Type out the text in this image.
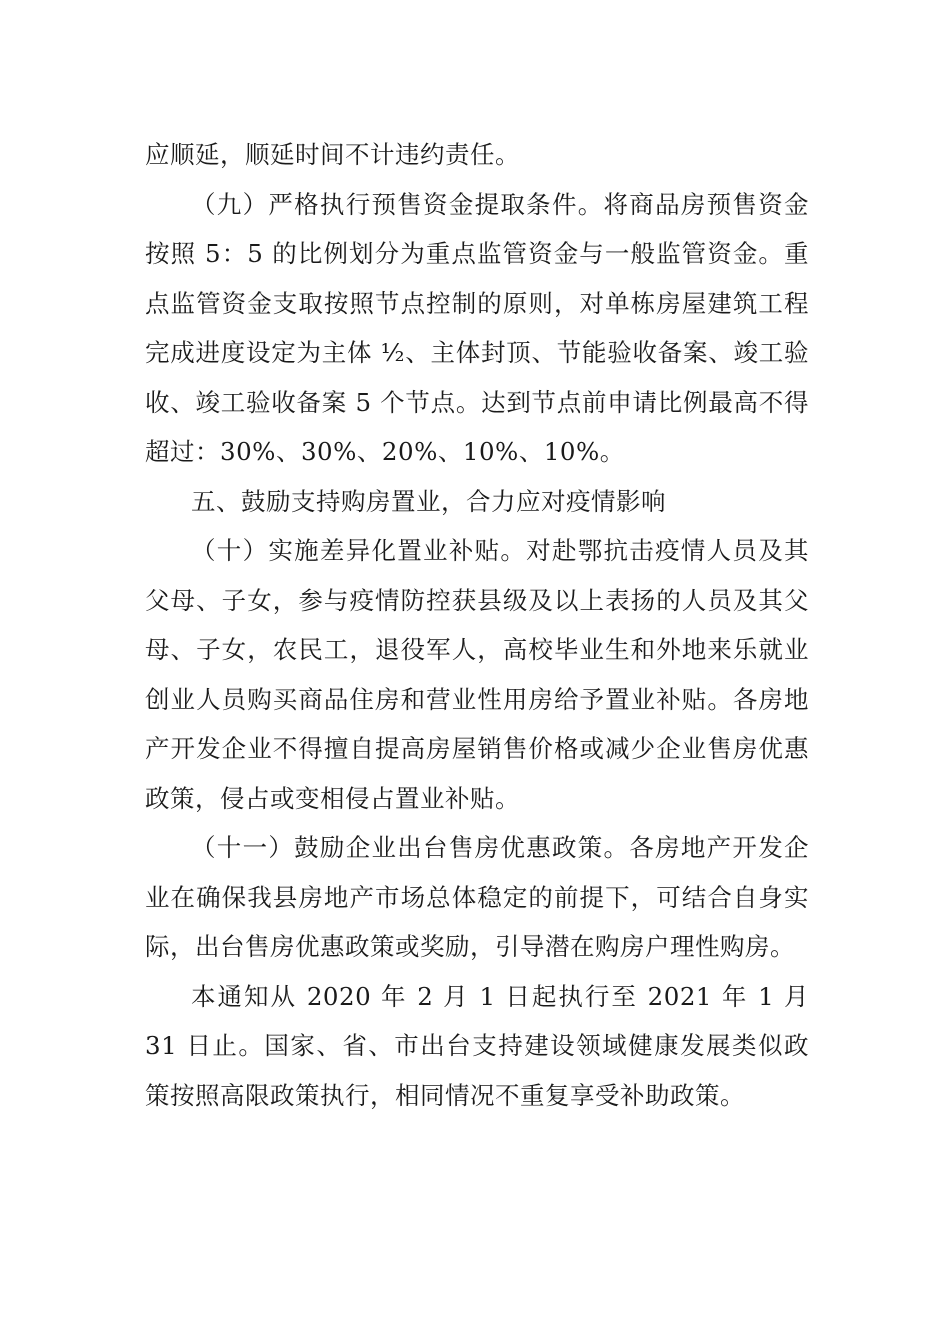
应顺延，顺延时间不计违约责任。

（九）严格执行预售资金提取条件。将商品房预售资金按照 5：5 的比例划分为重点监管资金与一般监管资金。重点监管资金支取按照节点控制的原则，对单栋房屋建筑工程完成进度设定为主体 ½、主体封顶、节能验收备案、竣工验收、竣工验收备案 5 个节点。达到节点前申请比例最高不得超过：30%、30%、20%、10%、10%。

五、鼓励支持购房置业，合力应对疫情影响

（十）实施差异化置业补贴。对赴鄂抗击疫情人员及其父母、子女，参与疫情防控获县级及以上表扬的人员及其父母、子女，农民工，退役军人，高校毕业生和外地来乐就业创业人员购买商品住房和营业性用房给予置业补贴。各房地产开发企业不得擅自提高房屋销售价格或减少企业售房优惠政策，侵占或变相侵占置业补贴。

（十一）鼓励企业出台售房优惠政策。各房地产开发企业在确保我县房地产市场总体稳定的前提下，可结合自身实际，出台售房优惠政策或奖励，引导潜在购房户理性购房。

本通知从 2020 年 2 月 1 日起执行至 2021 年 1 月 31 日止。国家、省、市出台支持建设领域健康发展类似政策按照高限政策执行，相同情况不重复享受补助政策。
